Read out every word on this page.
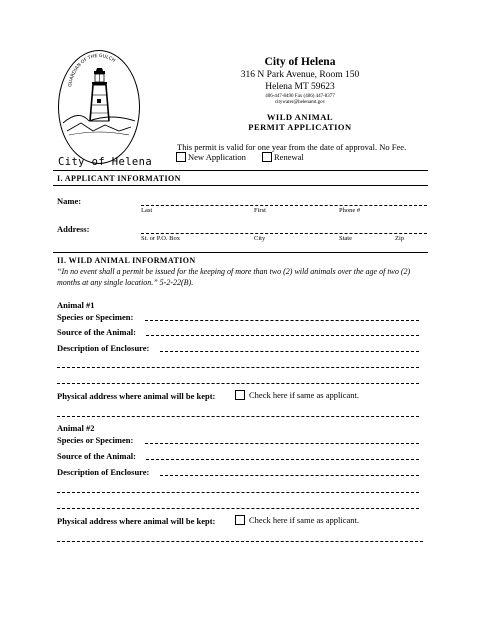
GUARDIAN OF THE GULCH
City of Helena
City of Helena
316 N Park Avenue, Room 150
Helena MT 59623
406-447-8490 Fax (406) 447-8377
citywater@helenamt.gov
WILD ANIMAL
PERMIT APPLICATION
This permit is valid for one year from the date of approval. No Fee.
New Application	Renewal
I. APPLICANT INFORMATION
Name:
Last	First	Phone #
Address:
St. or P.O. Box	City	State	Zip
II. WILD ANIMAL INFORMATION
“In no event shall a permit be issued for the keeping of more than two (2) wild animals over the age of two (2) months at any single location.” 5-2-22(B).
Animal #1
Species or Specimen:
Source of the Animal:
Description of Enclosure:
Physical address where animal will be kept:	Check here if same as applicant.
Animal #2
Species or Specimen:
Source of the Animal:
Description of Enclosure:
Physical address where animal will be kept:	Check here if same as applicant.
